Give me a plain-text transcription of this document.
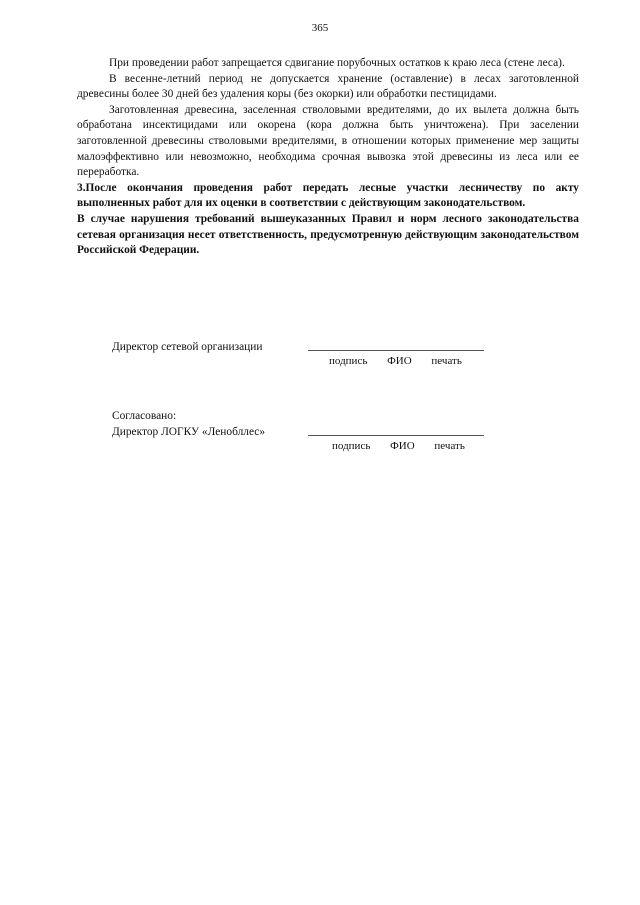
365

При проведении работ запрещается сдвигание порубочных остатков к краю леса (стене леса).

В весенне-летний период не допускается хранение (оставление) в лесах заготовленной древесины более 30 дней без удаления коры (без окорки) или обработки пестицидами.

Заготовленная древесина, заселенная стволовыми вредителями, до их вылета должна быть обработана инсектицидами или окорена (кора должна быть уничтожена). При заселении заготовленной древесины стволовыми вредителями, в отношении которых применение мер защиты малоэффективно или невозможно, необходима срочная вывозка этой древесины из леса или ее переработка.

3.После окончания проведения работ передать лесные участки лесничеству по акту выполненных работ для их оценки в соответствии с действующим законодательством.

В случае нарушения требований вышеуказанных Правил и норм лесного законодательства сетевая организация несет ответственность, предусмотренную действующим законодательством Российской Федерации.

Директор сетевой организации
подпись ФИО печать
Согласовано:
Директор ЛОГКУ «Ленобллес»
подпись ФИО печать
